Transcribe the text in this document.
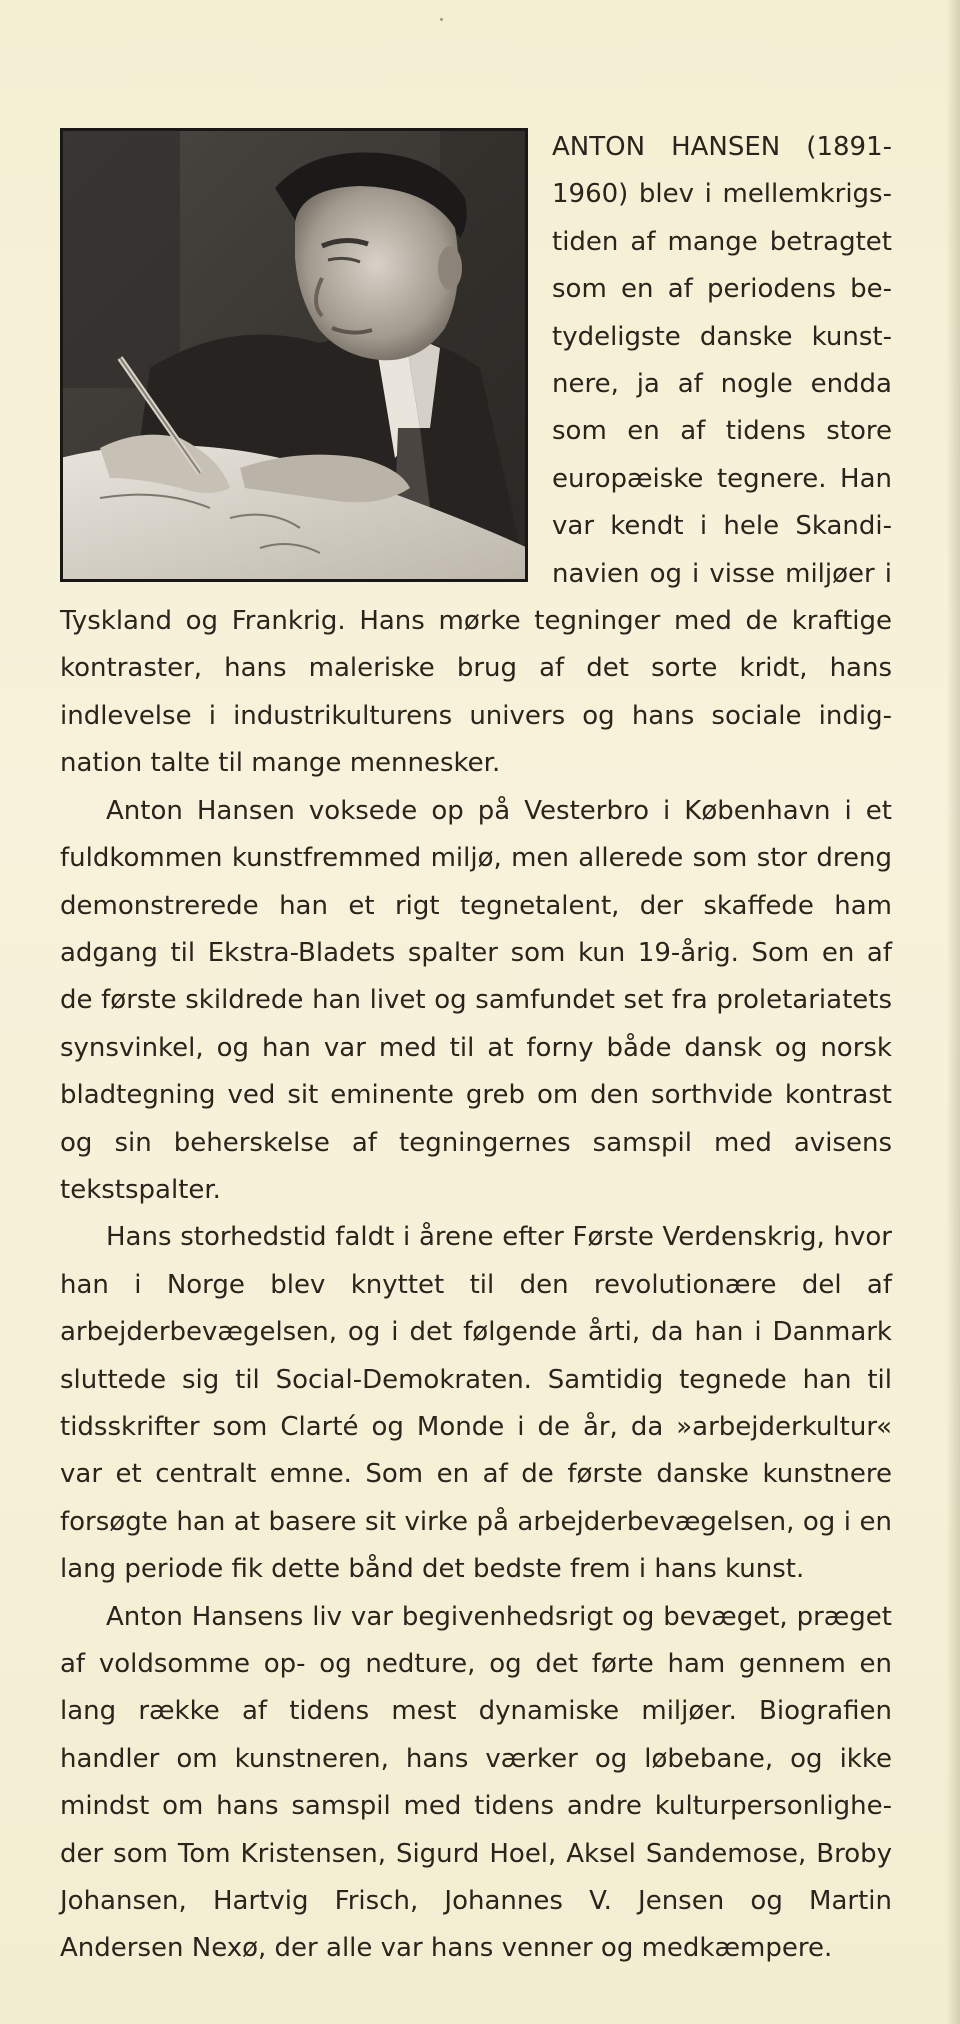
ANTON HANSEN (1891-1960) blev i mellemkrigstiden af mange betragtet som en af periodens betydeligste danske kunstnere, ja af nogle endda som en af tidens store europæiske tegnere. Han var kendt i hele Skandinavien og i visse miljøer i Tyskland og Frankrig. Hans mørke tegninger med de kraftige kontraster, hans maleriske brug af det sorte kridt, hans indlevelse i industrikulturens univers og hans sociale indignation talte til mange mennesker.

Anton Hansen voksede op på Vesterbro i København i et fuldkommen kunstfremmed miljø, men allerede som stor dreng demonstrerede han et rigt tegnetalent, der skaffede ham adgang til Ekstra-Bladets spalter som kun 19-årig. Som en af de første skildrede han livet og samfundet set fra proletariatets synsvinkel, og han var med til at forny både dansk og norsk bladtegning ved sit eminente greb om den sorthvide kontrast og sin beherskelse af tegningernes samspil med avisens tekstspalter.

Hans storhedstid faldt i årene efter Første Verdenskrig, hvor han i Norge blev knyttet til den revolutionære del af arbejderbevægelsen, og i det følgende årti, da han i Danmark sluttede sig til Social-Demokraten. Samtidig tegnede han til tidsskrifter som Clarté og Monde i de år, da »arbejderkultur« var et centralt emne. Som en af de første danske kunstnere forsøgte han at basere sit virke på arbejderbevægelsen, og i en lang periode fik dette bånd det bedste frem i hans kunst.

Anton Hansens liv var begivenhedsrigt og bevæget, præget af voldsomme op- og nedture, og det førte ham gennem en lang række af tidens mest dynamiske miljøer. Biografien handler om kunstneren, hans værker og løbebane, og ikke mindst om hans samspil med tidens andre kulturpersonligheder som Tom Kristensen, Sigurd Hoel, Aksel Sandemose, Broby Johansen, Hartvig Frisch, Johannes V. Jensen og Martin Andersen Nexø, der alle var hans venner og medkæmpere.
